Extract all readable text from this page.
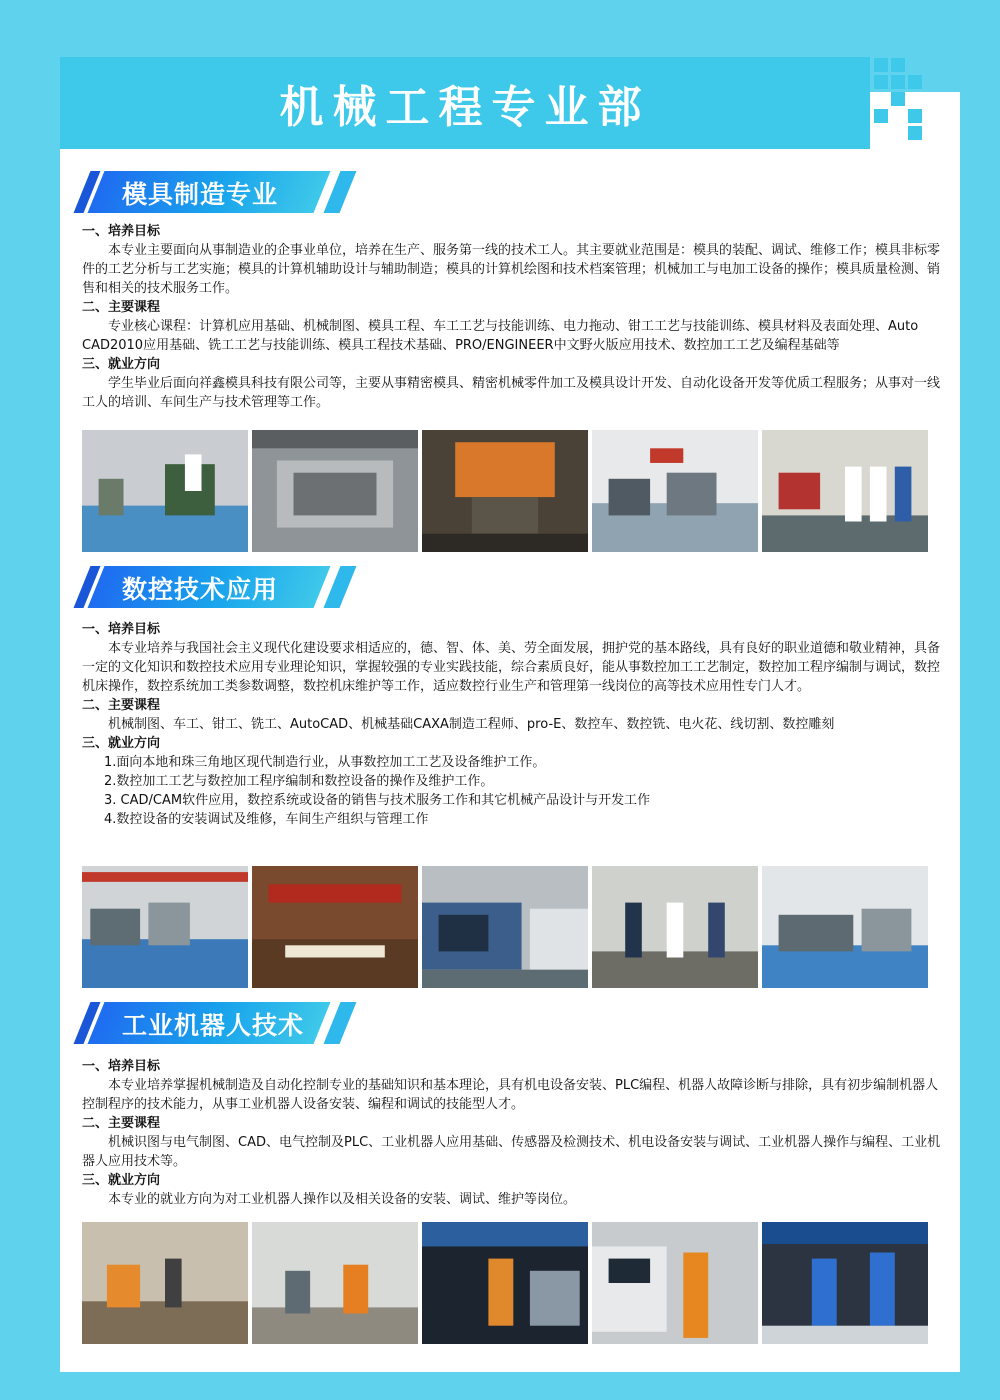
机械工程专业部
模具制造专业

一、培养目标

本专业主要面向从事制造业的企事业单位，培养在生产、服务第一线的技术工人。其主要就业范围是：模具的装配、调试、维修工作；模具非标零件的工艺分析与工艺实施；模具的计算机辅助设计与辅助制造；模具的计算机绘图和技术档案管理；机械加工与电加工设备的操作；模具质量检测、销售和相关的技术服务工作。

二、主要课程

专业核心课程：计算机应用基础、机械制图、模具工程、车工工艺与技能训练、电力拖动、钳工工艺与技能训练、模具材料及表面处理、Auto CAD2010应用基础、铣工工艺与技能训练、模具工程技术基础、PRO/ENGINEER中文野火版应用技术、数控加工工艺及编程基础等

三、就业方向

学生毕业后面向祥鑫模具科技有限公司等，主要从事精密模具、精密机械零件加工及模具设计开发、自动化设备开发等优质工程服务；从事对一线工人的培训、车间生产与技术管理等工作。

数控技术应用

一、培养目标

本专业培养与我国社会主义现代化建设要求相适应的，德、智、体、美、劳全面发展，拥护党的基本路线，具有良好的职业道德和敬业精神，具备一定的文化知识和数控技术应用专业理论知识，掌握较强的专业实践技能，综合素质良好，能从事数控加工工艺制定，数控加工程序编制与调试，数控机床操作，数控系统加工类参数调整，数控机床维护等工作，适应数控行业生产和管理第一线岗位的高等技术应用性专门人才。

二、主要课程

机械制图、车工、钳工、铣工、AutoCAD、机械基础CAXA制造工程师、pro-E、数控车、数控铣、电火花、线切割、数控雕刻

三、就业方向

1.面向本地和珠三角地区现代制造行业，从事数控加工工艺及设备维护工作。

2.数控加工工艺与数控加工程序编制和数控设备的操作及维护工作。

3. CAD/CAM软件应用，数控系统或设备的销售与技术服务工作和其它机械产品设计与开发工作

4.数控设备的安装调试及维修，车间生产组织与管理工作

工业机器人技术

一、培养目标

本专业培养掌握机械制造及自动化控制专业的基础知识和基本理论，具有机电设备安装、PLC编程、机器人故障诊断与排除，具有初步编制机器人控制程序的技术能力，从事工业机器人设备安装、编程和调试的技能型人才。

二、主要课程

机械识图与电气制图、CAD、电气控制及PLC、工业机器人应用基础、传感器及检测技术、机电设备安装与调试、工业机器人操作与编程、工业机器人应用技术等。

三、就业方向

本专业的就业方向为对工业机器人操作以及相关设备的安装、调试、维护等岗位。
